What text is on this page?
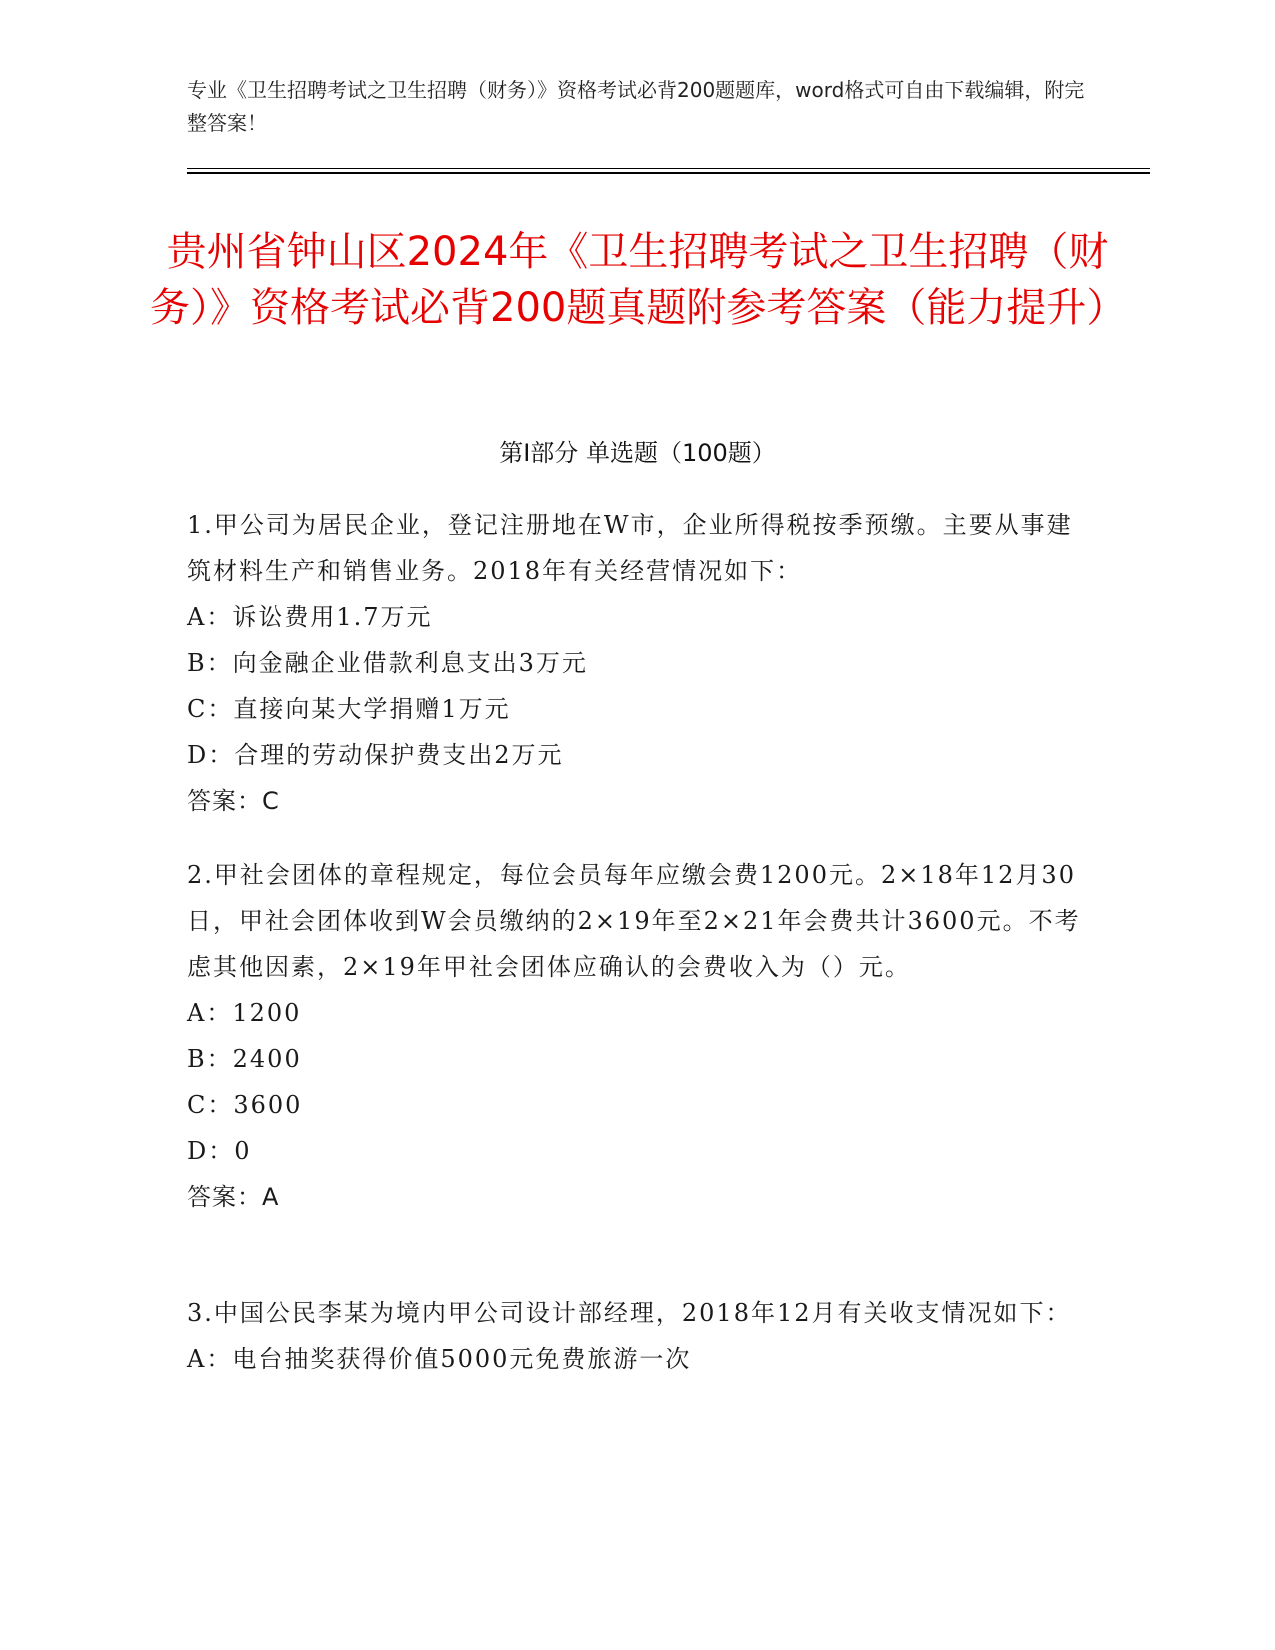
专业《卫生招聘考试之卫生招聘（财务）》资格考试必背200题题库，word格式可自由下载编辑，附完整答案！
贵州省钟山区2024年《卫生招聘考试之卫生招聘（财务）》资格考试必背200题真题附参考答案（能力提升）
第Ⅰ部分 单选题（100题）
1.甲公司为居民企业，登记注册地在W市，企业所得税按季预缴。主要从事建筑材料生产和销售业务。2018年有关经营情况如下：
A：诉讼费用1.7万元
B：向金融企业借款利息支出3万元
C：直接向某大学捐赠1万元
D：合理的劳动保护费支出2万元
答案：C
2.甲社会团体的章程规定，每位会员每年应缴会费1200元。2×18年12月30日，甲社会团体收到W会员缴纳的2×19年至2×21年会费共计3600元。不考虑其他因素，2×19年甲社会团体应确认的会费收入为（）元。
A：1200
B：2400
C：3600
D：0
答案：A
3.中国公民李某为境内甲公司设计部经理，2018年12月有关收支情况如下：
A：电台抽奖获得价值5000元免费旅游一次
